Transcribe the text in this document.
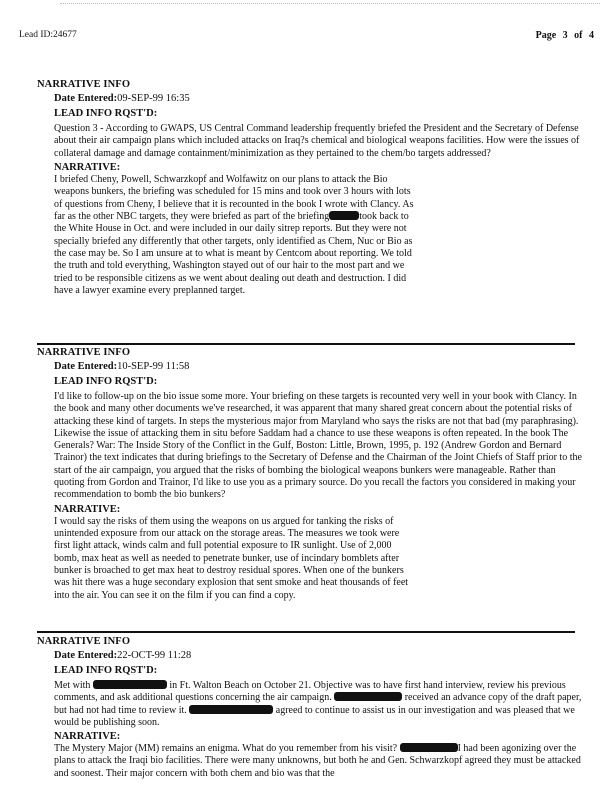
Lead ID:24677	Page 3 of 4
NARRATIVE INFO
Date Entered:09-SEP-99 16:35
LEAD INFO RQST'D:

Question 3 - According to GWAPS, US Central Command leadership frequently briefed the President and the Secretary of Defense about their air campaign plans which included attacks on Iraq?s chemical and biological weapons facilities. How were the issues of collateral damage and damage containment/minimization as they pertained to the chem/bo targets addressed?

NARRATIVE:

I briefed Cheny, Powell, Schwarzkopf and Wolfawitz on our plans to attack the Bio weapons bunkers, the briefing was scheduled for 15 mins and took over 3 hours with lots of questions from Cheny, I believe that it is recounted in the book I wrote with Clancy. As far as the other NBC targets, they were briefed as part of the briefing	took back to the White House in Oct. and were included in our daily sitrep reports. But they were not specially briefed any differently that other targets, only identified as Chem, Nuc or Bio as the case may be. So I am unsure at to what is meant by Centcom about reporting. We told the truth and told everything, Washington stayed out of our hair to the most part and we tried to be responsible citizens as we went about dealing out death and destruction. I did have a lawyer examine every preplanned target.

NARRATIVE INFO
Date Entered:10-SEP-99 11:58
LEAD INFO RQST'D:

I'd like to follow-up on the bio issue some more. Your briefing on these targets is recounted very well in your book with Clancy. In the book and many other documents we've researched, it was apparent that many shared great concern about the potential risks of attacking these kind of targets. In steps the mysterious major from Maryland who says the risks are not that bad (my paraphrasing). Likewise the issue of attacking them in situ before Saddam had a chance to use these weapons is often repeated. In the book The Generals? War: The Inside Story of the Conflict in the Gulf, Boston: Little, Brown, 1995, p. 192 (Andrew Gordon and Bernard Trainor) the text indicates that during briefings to the Secretary of Defense and the Chairman of the Joint Chiefs of Staff prior to the start of the air campaign, you argued that the risks of bombing the biological weapons bunkers were manageable. Rather than quoting from Gordon and Trainor, I'd like to use you as a primary source. Do you recall the factors you considered in making your recommendation to bomb the bio bunkers?

NARRATIVE:

I would say the risks of them using the weapons on us argued for tanking the risks of unintended exposure from our attack on the storage areas. The measures we took were first light attack, winds calm and full potential exposure to IR sunlight. Use of 2,000 bomb, max heat as well as needed to penetrate bunker, use of incindary bomblets after bunker is broached to get max heat to destroy residual spores. When one of the bunkers was hit there was a huge secondary explosion that sent smoke and heat thousands of feet into the air. You can see it on the film if you can find a copy.

NARRATIVE INFO
Date Entered:22-OCT-99 11:28
LEAD INFO RQST'D:

Met with	in Ft. Walton Beach on October 21. Objective was to have first hand interview, review his previous comments, and ask additional questions concerning the air campaign.	received an advance copy of the draft paper, but had not had time to review it.	agreed to continue to assist us in our investigation and was pleased that we would be publishing soon.

NARRATIVE:

The Mystery Major (MM) remains an enigma. What do you remember from his visit?	I had been agonizing over the plans to attack the Iraqi bio facilities. There were many unknowns, but both he and Gen. Schwarzkopf agreed they must be attacked and soonest. Their major concern with both chem and bio was that the
